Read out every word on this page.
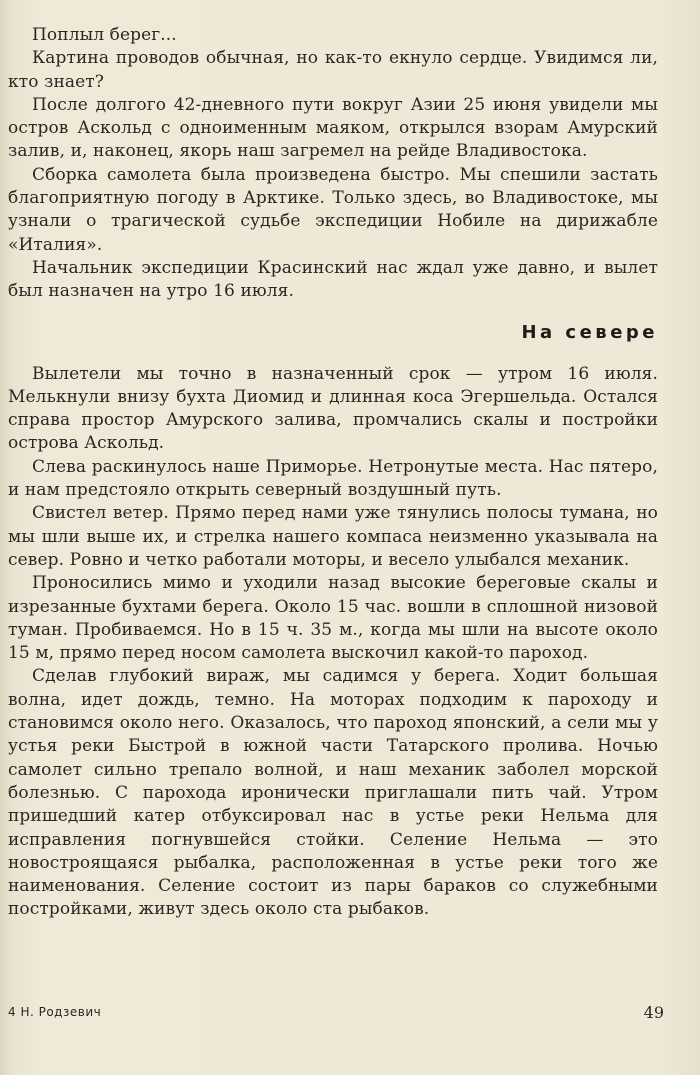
Поплыл берег...

Картина проводов обычная, но как-то екнуло сердце. Увидимся ли, кто знает?

После долгого 42-дневного пути вокруг Азии 25 июня увидели мы остров Аскольд с одноименным маяком, открылся взорам Амурский залив, и, наконец, якорь наш загремел на рейде Владивостока.

Сборка самолета была произведена быстро. Мы спешили застать благоприятную погоду в Арктике. Только здесь, во Владивостоке, мы узнали о трагической судьбе экспедиции Нобиле на дирижабле «Италия».

Начальник экспедиции Красинский нас ждал уже давно, и вылет был назначен на утро 16 июля.

На севере

Вылетели мы точно в назначенный срок — утром 16 июля. Мелькнули внизу бухта Диомид и длинная коса Эгершельда. Остался справа простор Амурского залива, промчались скалы и постройки острова Аскольд.

Слева раскинулось наше Приморье. Нетронутые места. Нас пятеро, и нам предстояло открыть северный воздушный путь.

Свистел ветер. Прямо перед нами уже тянулись полосы тумана, но мы шли выше их, и стрелка нашего компаса неизменно указывала на север. Ровно и четко работали моторы, и весело улыбался механик.

Проносились мимо и уходили назад высокие береговые скалы и изрезанные бухтами берега. Около 15 час. вошли в сплошной низовой туман. Пробиваемся. Но в 15 ч. 35 м., когда мы шли на высоте около 15 м, прямо перед носом самолета выскочил какой-то пароход.

Сделав глубокий вираж, мы садимся у берега. Ходит большая волна, идет дождь, темно. На моторах подходим к пароходу и становимся около него. Оказалось, что пароход японский, а сели мы у устья реки Быстрой в южной части Татарского пролива. Ночью самолет сильно трепало волной, и наш механик заболел морской болезнью. С парохода иронически приглашали пить чай. Утром пришедший катер отбуксировал нас в устье реки Нельма для исправления погнувшейся стойки. Селение Нельма — это новостроящаяся рыбалка, расположенная в устье реки того же наименования. Селение состоит из пары бараков со служебными постройками, живут здесь около ста рыбаков.

4 Н. Родзевич	49
